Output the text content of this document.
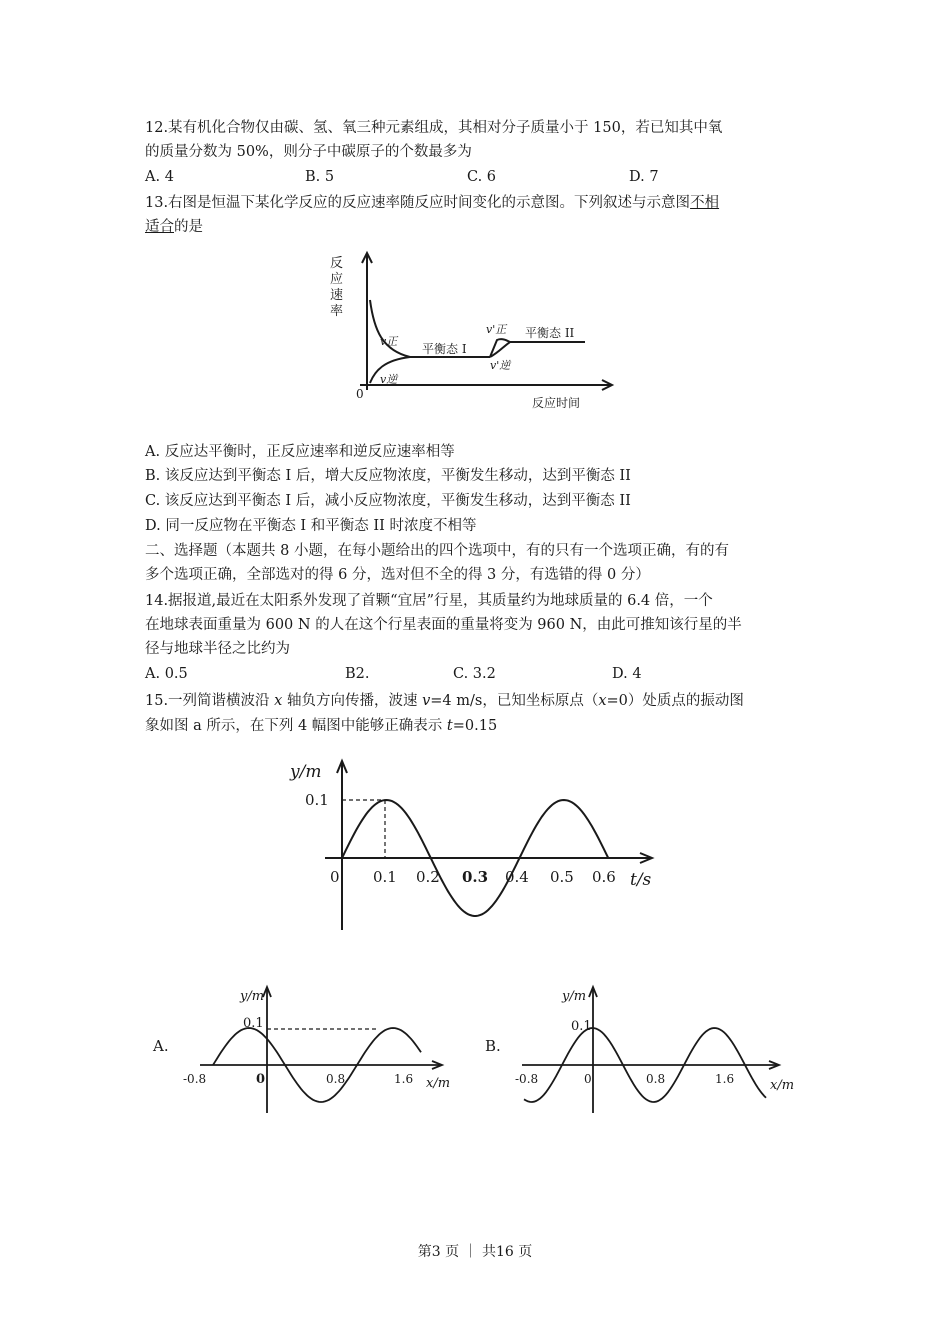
12.某有机化合物仅由碳、氢、氧三种元素组成，其相对分子质量小于 150，若已知其中氧
的质量分数为 50%，则分子中碳原子的个数最多为
A. 4	B. 5	C. 6	D. 7
13.右图是恒温下某化学反应的反应速率随反应时间变化的示意图。下列叙述与示意图不相
适合的是
反
应
速
率
0
反应时间
v正
v逆
平衡态 I
v'正
v'逆
平衡态 II
A. 反应达平衡时，正反应速率和逆反应速率相等
B. 该反应达到平衡态 I 后，增大反应物浓度，平衡发生移动，达到平衡态 II
C. 该反应达到平衡态 I 后，减小反应物浓度，平衡发生移动，达到平衡态 II
D. 同一反应物在平衡态 I 和平衡态 II 时浓度不相等
二、选择题（本题共 8 小题，在每小题给出的四个选项中，有的只有一个选项正确，有的有
多个选项正确，全部选对的得 6 分，选对但不全的得 3 分，有选错的得 0 分）
14.据报道,最近在太阳系外发现了首颗“宜居”行星，其质量约为地球质量的 6.4 倍，一个
在地球表面重量为 600 N 的人在这个行星表面的重量将变为 960 N，由此可推知该行星的半
径与地球半径之比约为
A. 0.5	B2.	C. 3.2	D. 4
15.一列简谐横波沿 x 轴负方向传播，波速 v=4 m/s，已知坐标原点（x=0）处质点的振动图
象如图 a 所示，在下列 4 幅图中能够正确表示 t=0.15
y/m
0.1
0 0.1 0.2 0.3 0.4 0.5 0.6 t/s
A.
y/m
0.1
-0.8	0	0.8	1.6 x/m
B.
y/m
0.1
-0.8	0	0.8	1.6	x/m
第3 页 ｜ 共16 页
